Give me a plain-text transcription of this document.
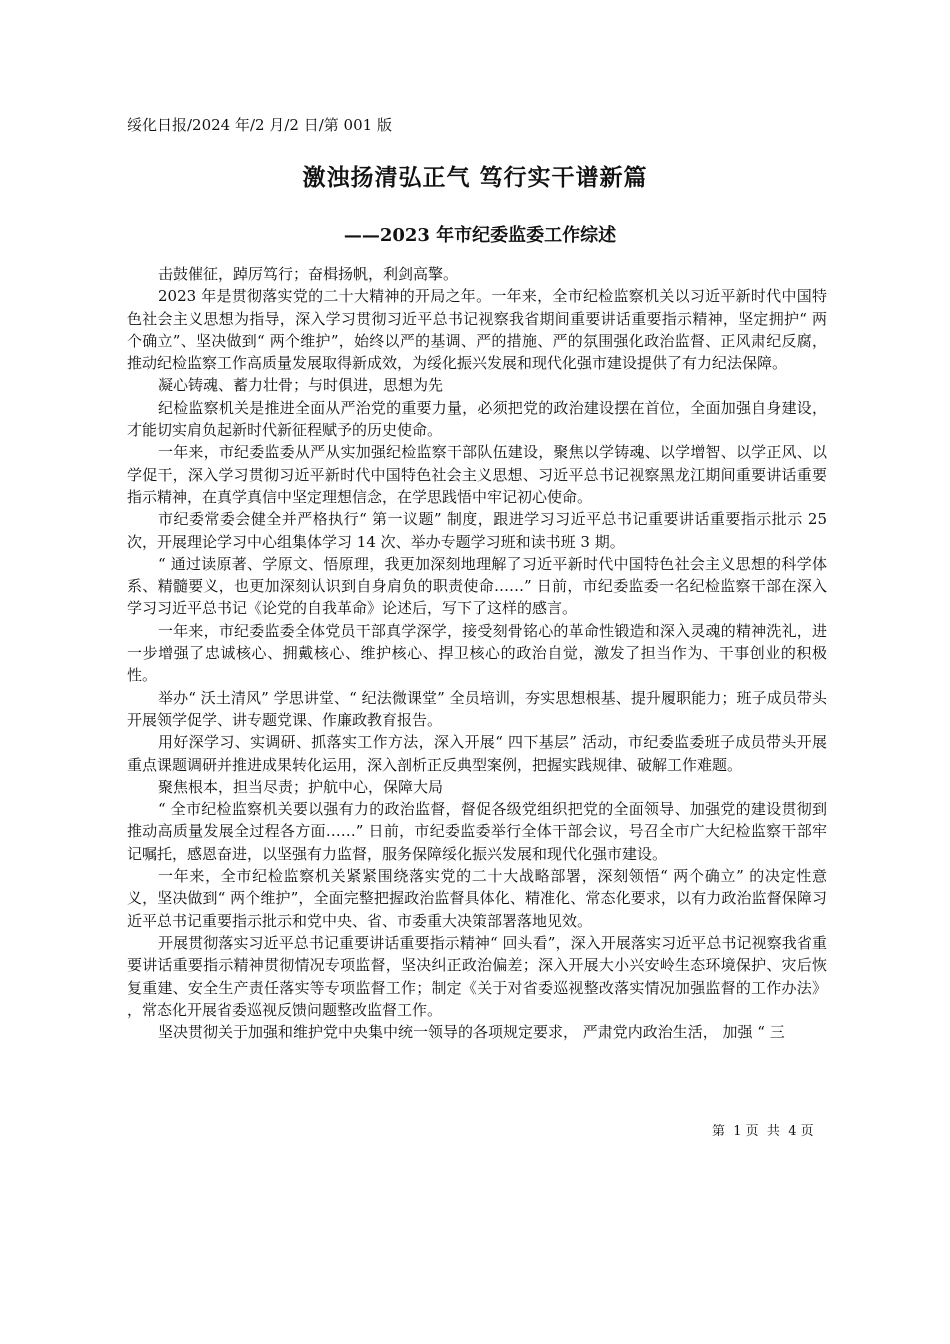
绥化日报/2024 年/2 月/2 日/第 001 版
激浊扬清弘正气 笃行实干谱新篇
——2023 年市纪委监委工作综述

击鼓催征，踔厉笃行；奋楫扬帆，利剑高擎。

2023 年是贯彻落实党的二十大精神的开局之年。一年来，全市纪检监察机关以习近平新时代中国特色社会主义思想为指导，深入学习贯彻习近平总书记视察我省期间重要讲话重要指示精神，坚定拥护“ 两个确立”、坚决做到“ 两个维护”，始终以严的基调、严的措施、严的氛围强化政治监督、正风肃纪反腐，推动纪检监察工作高质量发展取得新成效，为绥化振兴发展和现代化强市建设提供了有力纪法保障。

凝心铸魂、蓄力壮骨；与时俱进，思想为先

纪检监察机关是推进全面从严治党的重要力量，必须把党的政治建设摆在首位，全面加强自身建设，才能切实肩负起新时代新征程赋予的历史使命。

一年来，市纪委监委从严从实加强纪检监察干部队伍建设，聚焦以学铸魂、以学增智、以学正风、以学促干，深入学习贯彻习近平新时代中国特色社会主义思想、习近平总书记视察黑龙江期间重要讲话重要指示精神，在真学真信中坚定理想信念，在学思践悟中牢记初心使命。

市纪委常委会健全并严格执行“ 第一议题” 制度，跟进学习习近平总书记重要讲话重要指示批示 25 次，开展理论学习中心组集体学习 14 次、举办专题学习班和读书班 3 期。

“ 通过读原著、学原文、悟原理，我更加深刻地理解了习近平新时代中国特色社会主义思想的科学体系、精髓要义，也更加深刻认识到自身肩负的职责使命……” 日前，市纪委监委一名纪检监察干部在深入学习习近平总书记《论党的自我革命》论述后，写下了这样的感言。

一年来，市纪委监委全体党员干部真学深学，接受刻骨铭心的革命性锻造和深入灵魂的精神洗礼，进一步增强了忠诚核心、拥戴核心、维护核心、捍卫核心的政治自觉，激发了担当作为、干事创业的积极性。

举办“ 沃土清风” 学思讲堂、“ 纪法微课堂” 全员培训，夯实思想根基、提升履职能力；班子成员带头开展领学促学、讲专题党课、作廉政教育报告。

用好深学习、实调研、抓落实工作方法，深入开展“ 四下基层” 活动，市纪委监委班子成员带头开展重点课题调研并推进成果转化运用，深入剖析正反典型案例，把握实践规律、破解工作难题。

聚焦根本，担当尽责；护航中心，保障大局

“ 全市纪检监察机关要以强有力的政治监督，督促各级党组织把党的全面领导、加强党的建设贯彻到推动高质量发展全过程各方面……” 日前，市纪委监委举行全体干部会议，号召全市广大纪检监察干部牢记嘱托，感恩奋进，以坚强有力监督，服务保障绥化振兴发展和现代化强市建设。

一年来，全市纪检监察机关紧紧围绕落实党的二十大战略部署，深刻领悟“ 两个确立” 的决定性意义，坚决做到“ 两个维护”，全面完整把握政治监督具体化、精准化、常态化要求，以有力政治监督保障习近平总书记重要指示批示和党中央、省、市委重大决策部署落地见效。

开展贯彻落实习近平总书记重要讲话重要指示精神“ 回头看”，深入开展落实习近平总书记视察我省重要讲话重要指示精神贯彻情况专项监督，坚决纠正政治偏差；深入开展大小兴安岭生态环境保护、灾后恢复重建、安全生产责任落实等专项监督工作；制定《关于对省委巡视整改落实情况加强监督的工作办法》 ，常态化开展省委巡视反馈问题整改监督工作。

坚决贯彻关于加强和维护党中央集中统一领导的各项规定要求， 严肃党内政治生活， 加强 “ 三

第  1 页  共  4 页
